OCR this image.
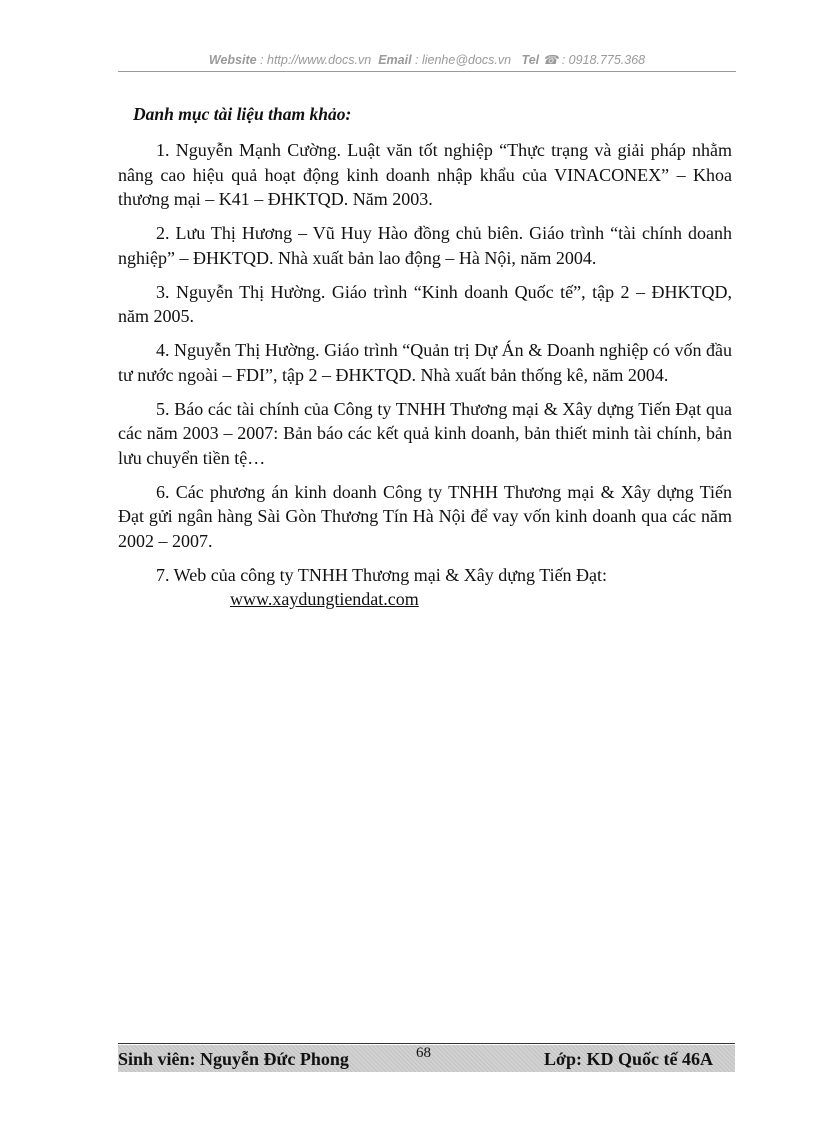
Website : http://www.docs.vn Email : lienhe@docs.vn Tel ☎ : 0918.775.368
Danh mục tài liệu tham khảo:

1. Nguyễn Mạnh Cường. Luật văn tốt nghiệp “Thực trạng và giải pháp nhằm nâng cao hiệu quả hoạt động kinh doanh nhập khẩu của VINACONEX” – Khoa thương mại – K41 – ĐHKTQD. Năm 2003.

2. Lưu Thị Hương – Vũ Huy Hào đồng chủ biên. Giáo trình “tài chính doanh nghiệp” – ĐHKTQD. Nhà xuất bản lao động – Hà Nội, năm 2004.

3. Nguyễn Thị Hường. Giáo trình “Kinh doanh Quốc tế”, tập 2 – ĐHKTQD, năm 2005.

4. Nguyễn Thị Hường. Giáo trình “Quản trị Dự Án & Doanh nghiệp có vốn đầu tư nước ngoài – FDI”, tập 2 – ĐHKTQD. Nhà xuất bản thống kê, năm 2004.

5. Báo các tài chính của Công ty TNHH Thương mại & Xây dựng Tiến Đạt qua các năm 2003 – 2007: Bản báo các kết quả kinh doanh, bản thiết minh tài chính, bản lưu chuyển tiền tệ…

6. Các phương án kinh doanh Công ty TNHH Thương mại & Xây dựng Tiến Đạt gửi ngân hàng Sài Gòn Thương Tín Hà Nội để vay vốn kinh doanh qua các năm 2002 – 2007.

7. Web của công ty TNHH Thương mại & Xây dựng Tiến Đạt:
www.xaydungtiendat.com

Sinh viên: Nguyễn Đức Phong	68	Lớp: KD Quốc tế 46A
